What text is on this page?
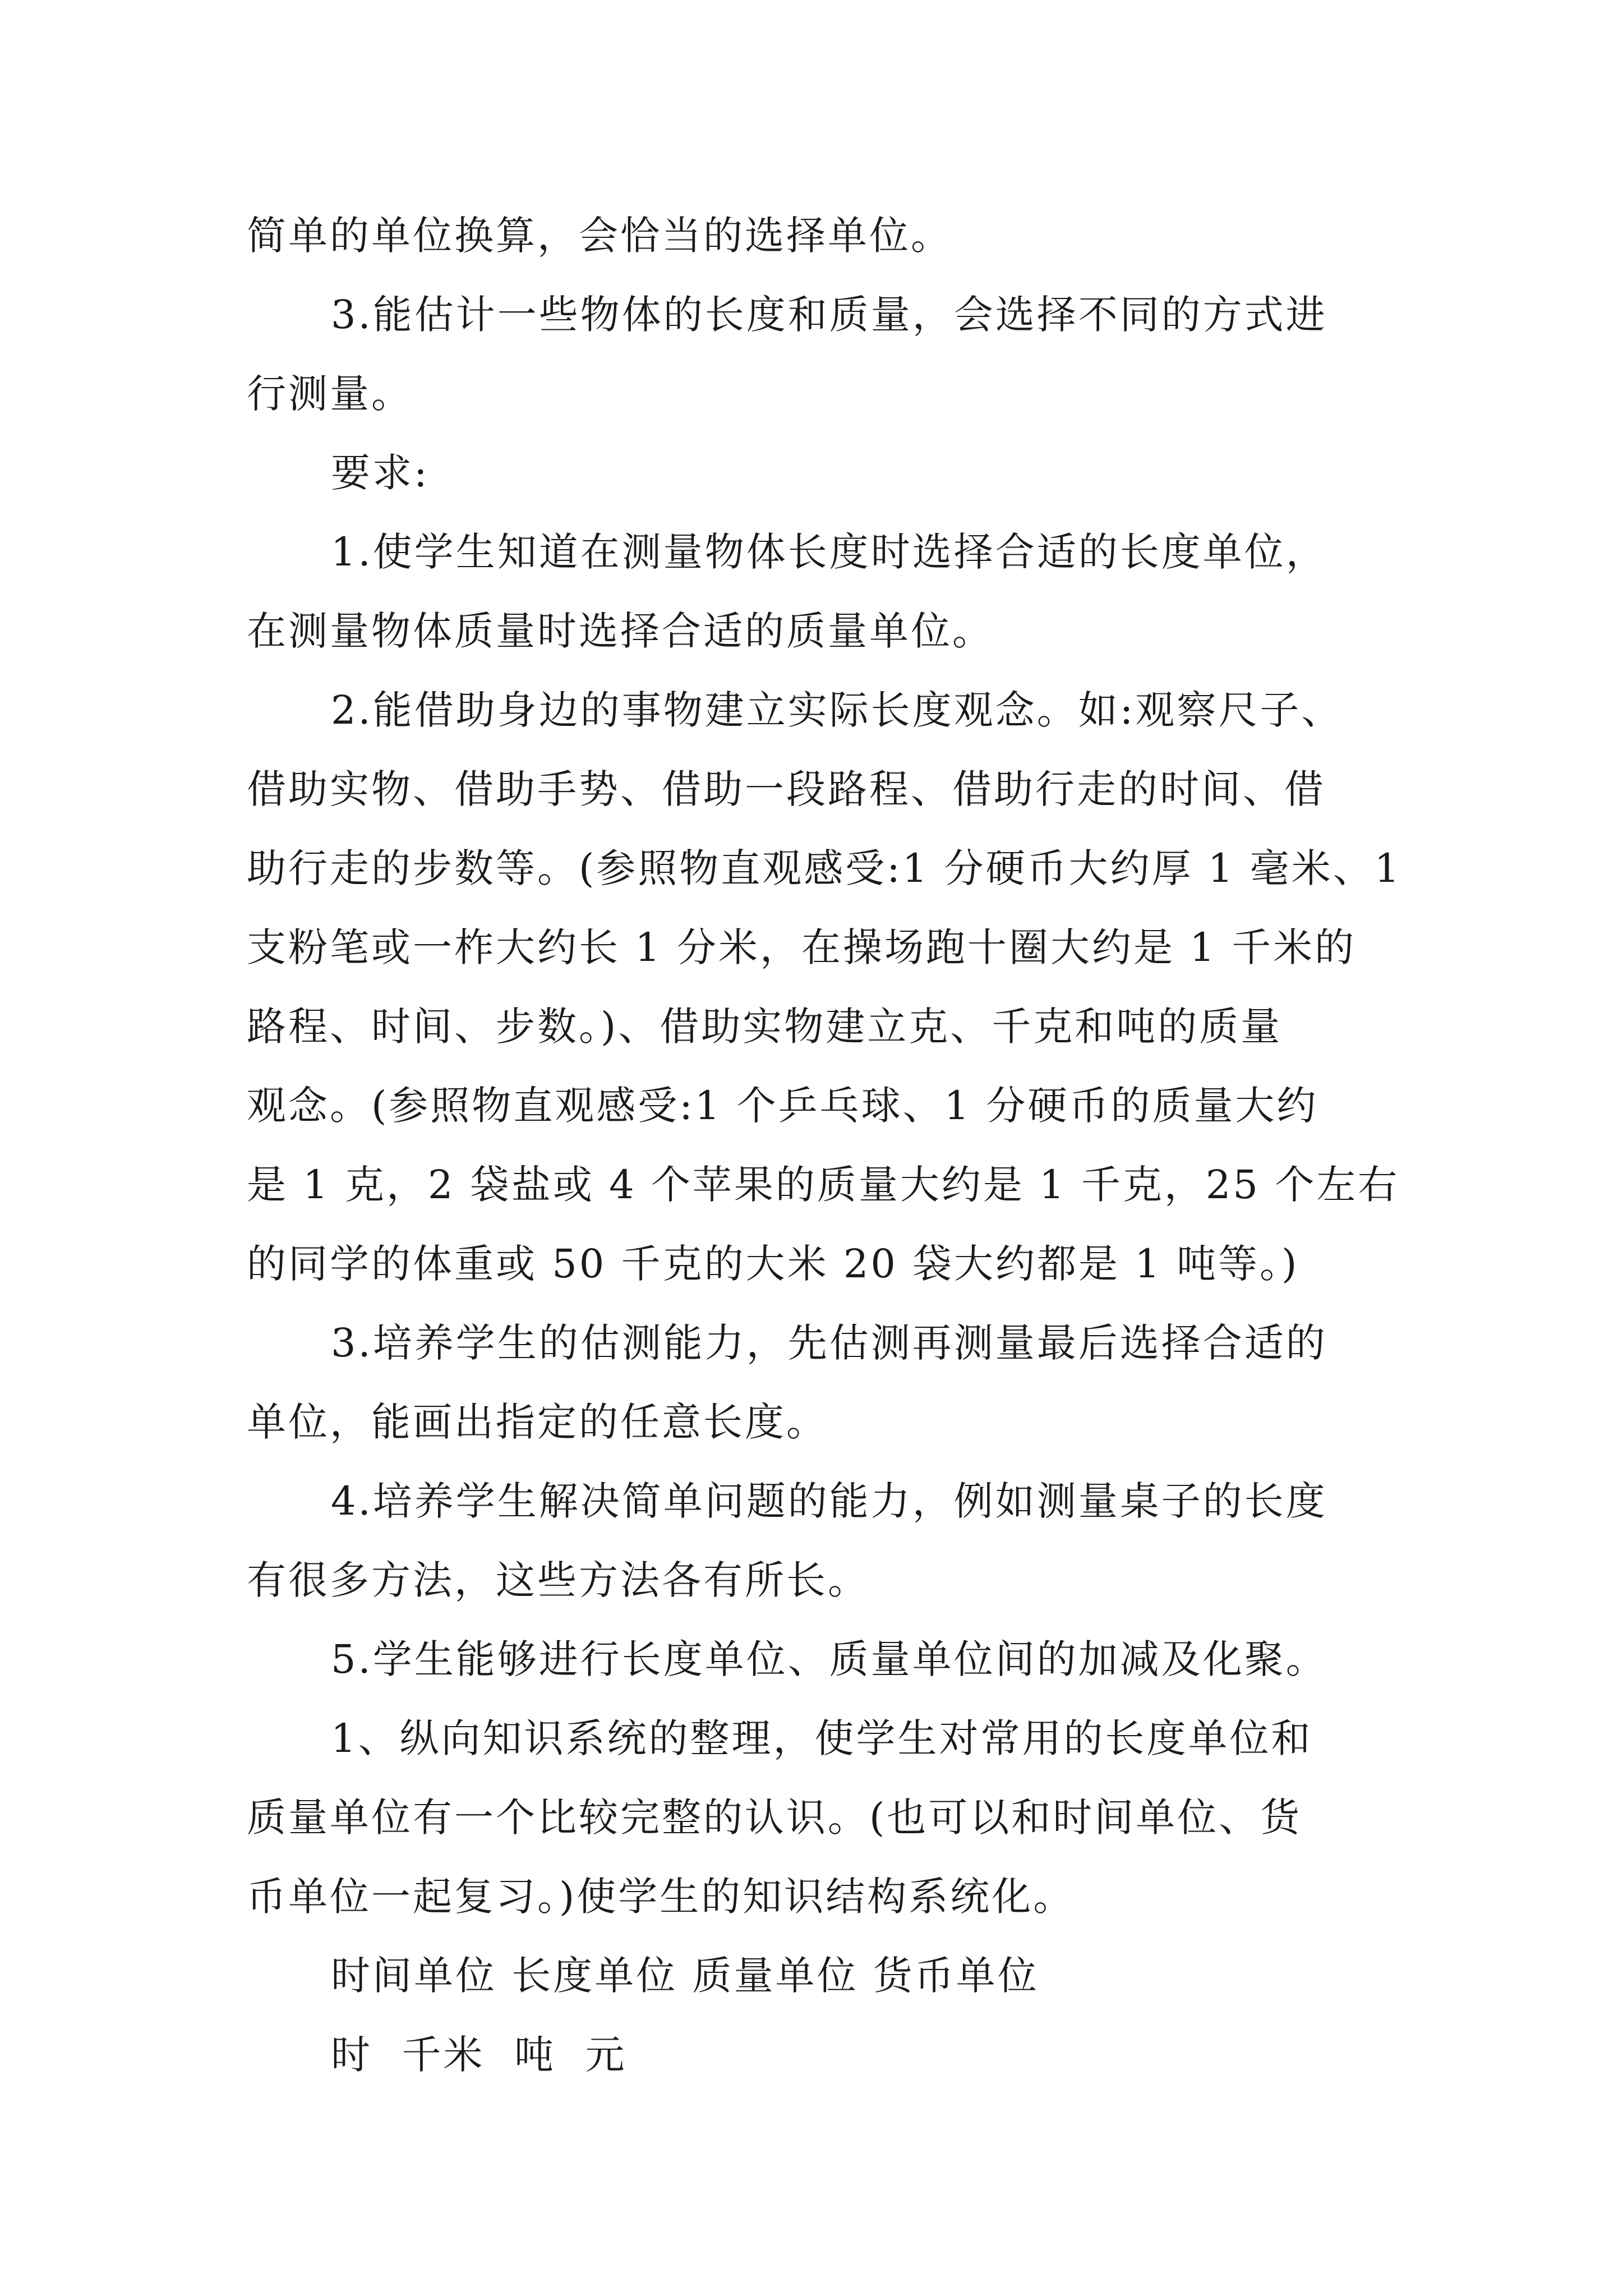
简单的单位换算，会恰当的选择单位。
3.能估计一些物体的长度和质量，会选择不同的方式进
行测量。
要求:
1.使学生知道在测量物体长度时选择合适的长度单位，
在测量物体质量时选择合适的质量单位。
2.能借助身边的事物建立实际长度观念。如:观察尺子、
借助实物、借助手势、借助一段路程、借助行走的时间、借
助行走的步数等。(参照物直观感受:1 分硬币大约厚 1 毫米、1
支粉笔或一柞大约长 1 分米，在操场跑十圈大约是 1 千米的
路程、时间、步数。)、借助实物建立克、千克和吨的质量
观念。(参照物直观感受:1 个乒乓球、1 分硬币的质量大约
是 1 克，2 袋盐或 4 个苹果的质量大约是 1 千克，25 个左右
的同学的体重或 50 千克的大米 20 袋大约都是 1 吨等。)
3.培养学生的估测能力，先估测再测量最后选择合适的
单位，能画出指定的任意长度。
4.培养学生解决简单问题的能力，例如测量桌子的长度
有很多方法，这些方法各有所长。
5.学生能够进行长度单位、质量单位间的加减及化聚。
1、纵向知识系统的整理，使学生对常用的长度单位和
质量单位有一个比较完整的认识。(也可以和时间单位、货
币单位一起复习。)使学生的知识结构系统化。
时间单位 长度单位 质量单位 货币单位
时  千米  吨  元
